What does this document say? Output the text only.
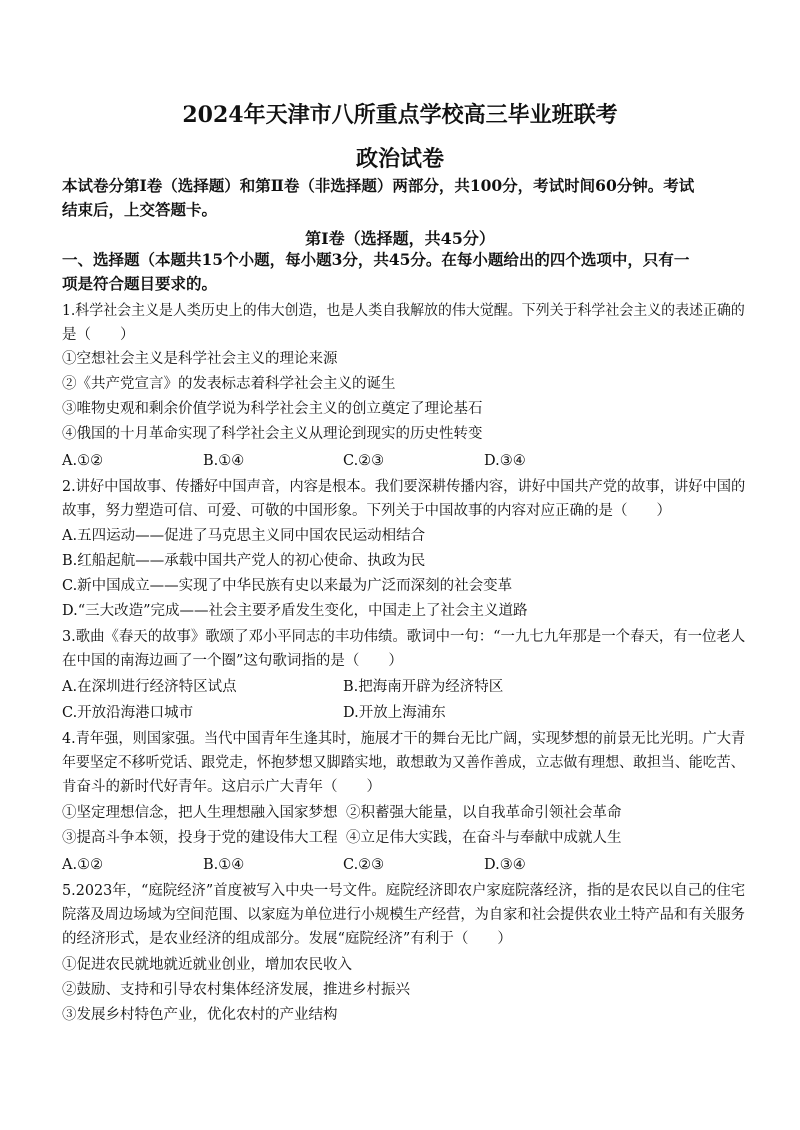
2024年天津市八所重点学校高三毕业班联考
政治试卷
本试卷分第Ⅰ卷（选择题）和第Ⅱ卷（非选择题）两部分，共100分，考试时间60分钟。考试
结束后，上交答题卡。
第Ⅰ卷（选择题，共45分）
一、选择题（本题共15个小题，每小题3分，共45分。在每小题给出的四个选项中，只有一
项是符合题目要求的。
1.科学社会主义是人类历史上的伟大创造，也是人类自我解放的伟大觉醒。下列关于科学社会主义的表述正确的
是（　　）
①空想社会主义是科学社会主义的理论来源
②《共产党宣言》的发表标志着科学社会主义的诞生
③唯物史观和剩余价值学说为科学社会主义的创立奠定了理论基石
④俄国的十月革命实现了科学社会主义从理论到现实的历史性转变
A.①②	B.①④	C.②③	D.③④
2.讲好中国故事、传播好中国声音，内容是根本。我们要深耕传播内容，讲好中国共产党的故事，讲好中国的
故事，努力塑造可信、可爱、可敬的中国形象。下列关于中国故事的内容对应正确的是（　　）
A.五四运动——促进了马克思主义同中国农民运动相结合
B.红船起航——承载中国共产党人的初心使命、执政为民
C.新中国成立——实现了中华民族有史以来最为广泛而深刻的社会变革
D.“三大改造”完成——社会主要矛盾发生变化，中国走上了社会主义道路
3.歌曲《春天的故事》歌颂了邓小平同志的丰功伟绩。歌词中一句：“一九七九年那是一个春天，有一位老人
在中国的南海边画了一个圈”这句歌词指的是（　　）
A.在深圳进行经济特区试点	B.把海南开辟为经济特区
C.开放沿海港口城市	D.开放上海浦东
4.青年强，则国家强。当代中国青年生逢其时，施展才干的舞台无比广阔，实现梦想的前景无比光明。广大青
年要坚定不移听党话、跟党走，怀抱梦想又脚踏实地，敢想敢为又善作善成，立志做有理想、敢担当、能吃苦、
肯奋斗的新时代好青年。这启示广大青年（　　）
①坚定理想信念，把人生理想融入国家梦想 ②积蓄强大能量，以自我革命引领社会革命
③提高斗争本领，投身于党的建设伟大工程 ④立足伟大实践，在奋斗与奉献中成就人生
A.①②	B.①④	C.②③	D.③④
5.2023年，“庭院经济”首度被写入中央一号文件。庭院经济即农户家庭院落经济，指的是农民以自己的住宅
院落及周边场域为空间范围、以家庭为单位进行小规模生产经营，为自家和社会提供农业土特产品和有关服务
的经济形式，是农业经济的组成部分。发展“庭院经济”有利于（　　）
①促进农民就地就近就业创业，增加农民收入
②鼓励、支持和引导农村集体经济发展，推进乡村振兴
③发展乡村特色产业，优化农村的产业结构
